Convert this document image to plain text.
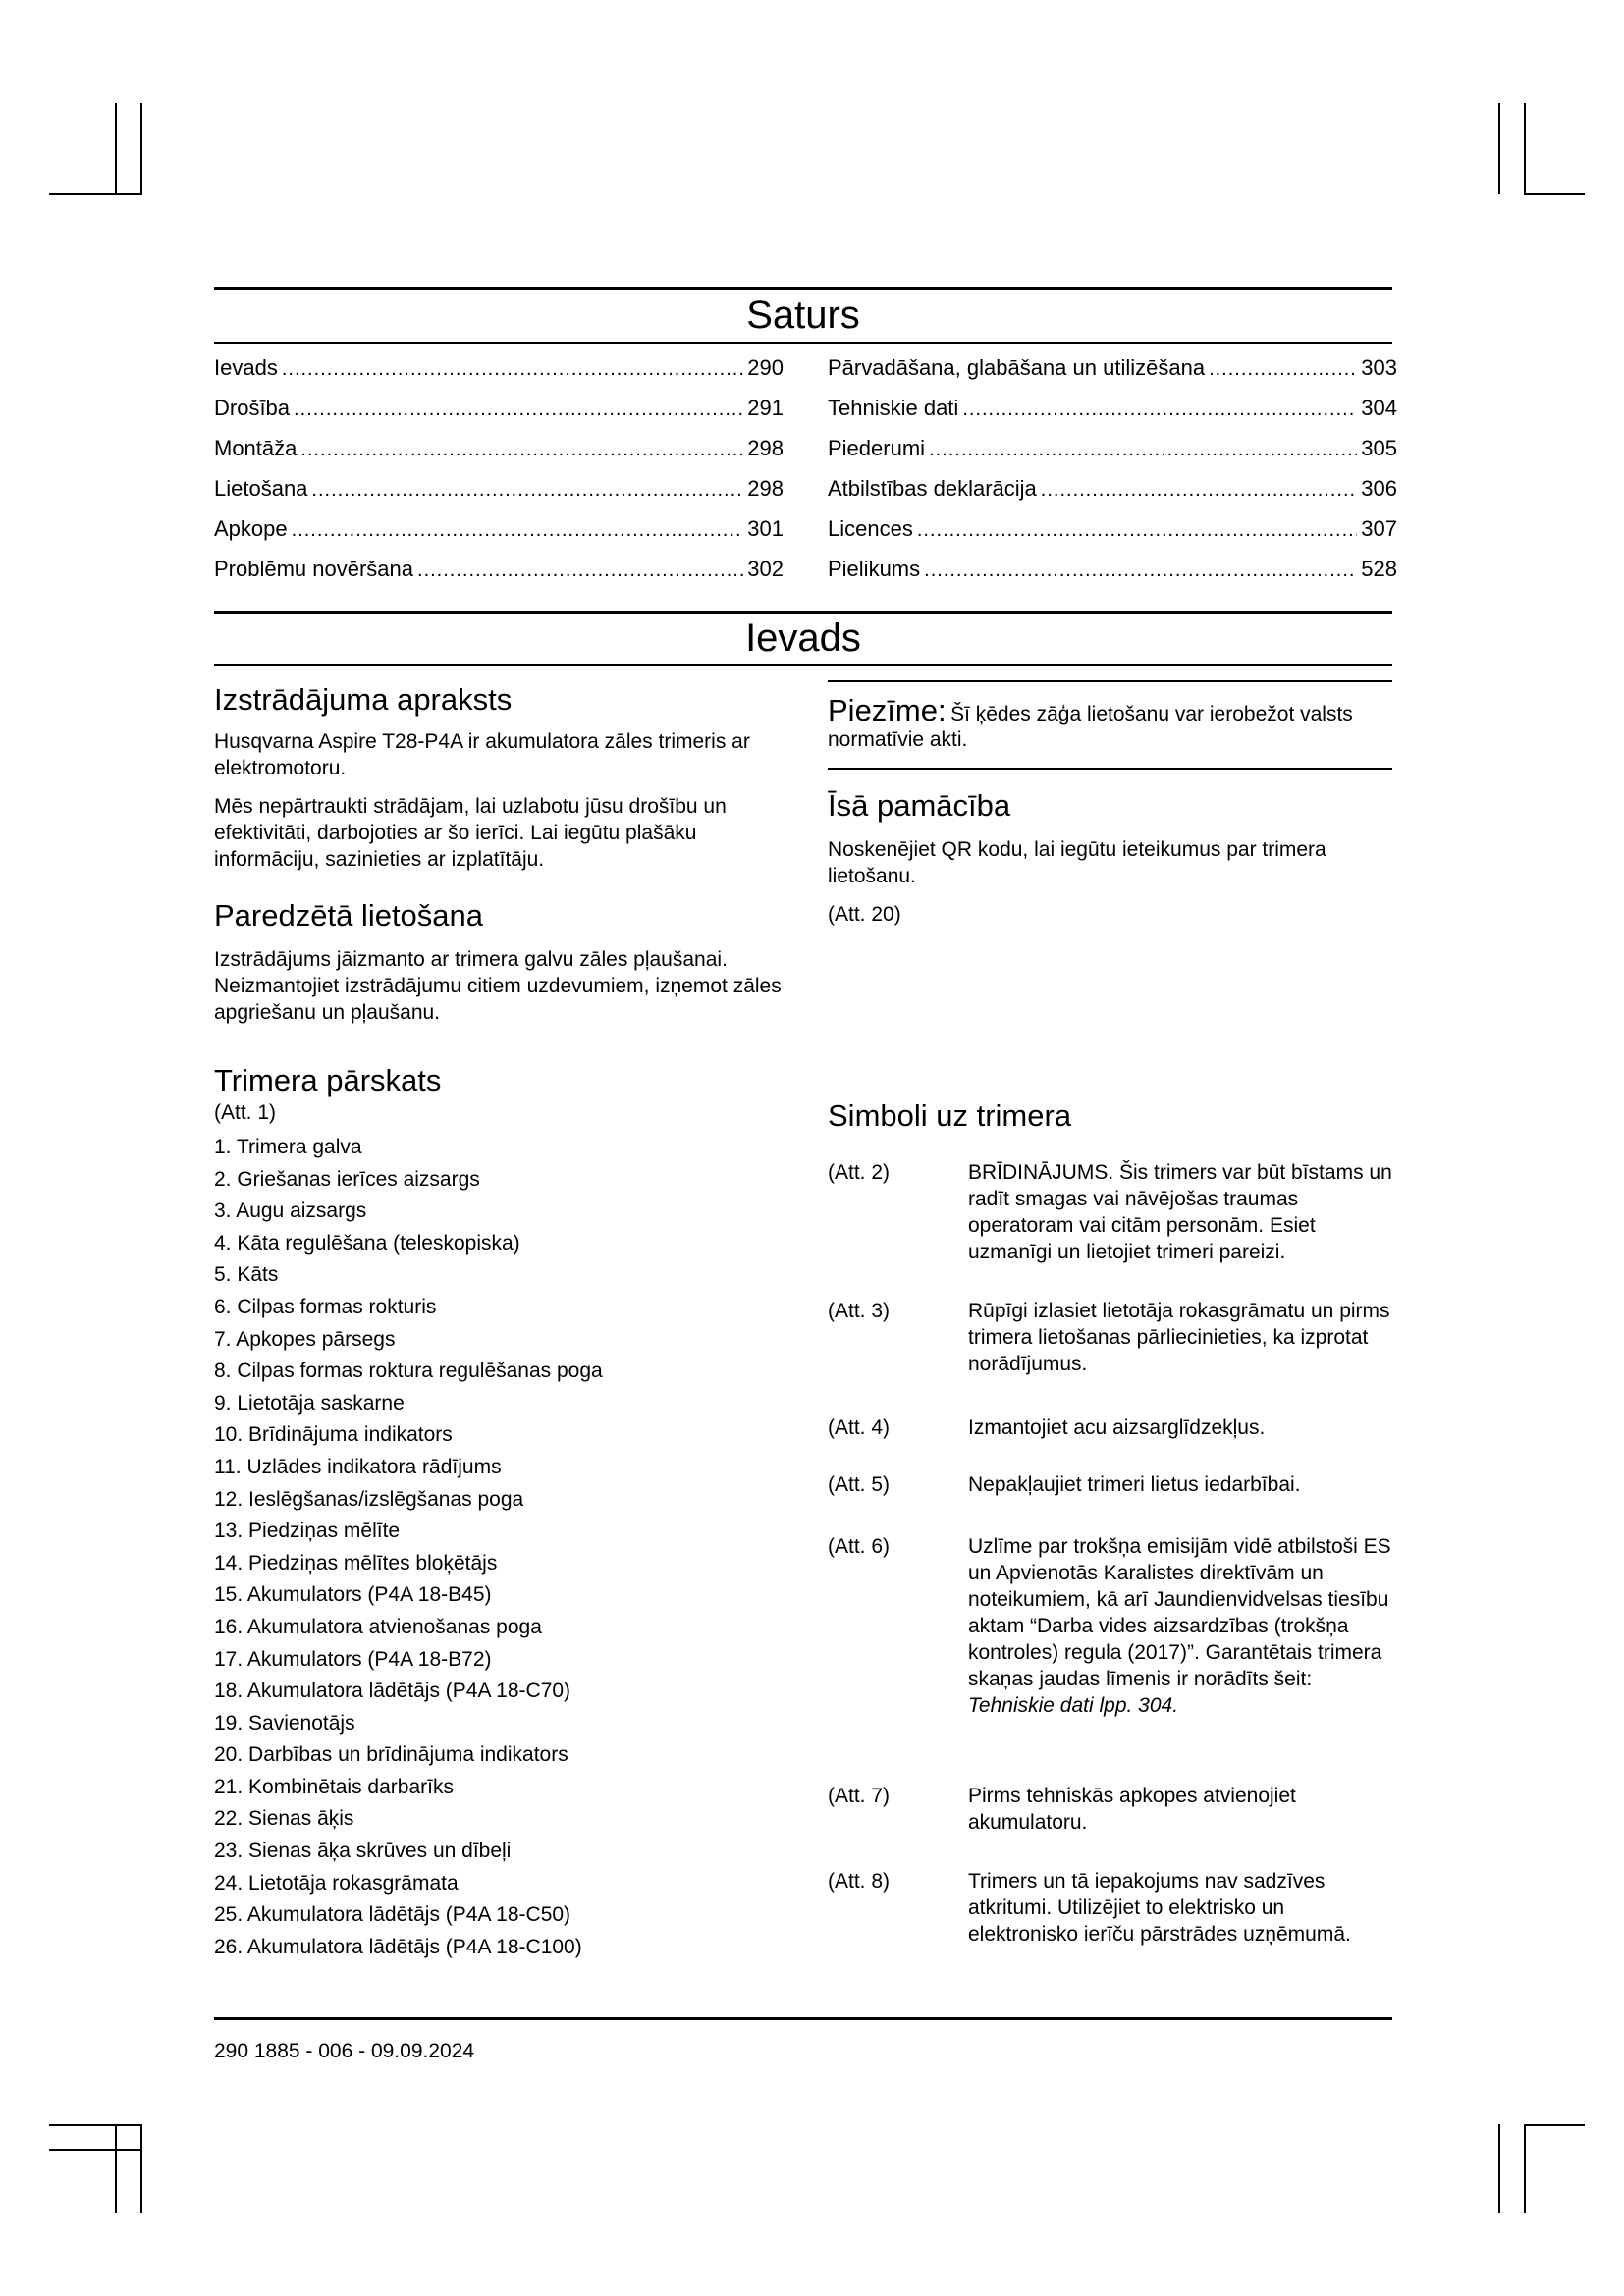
Saturs
Ievads .....	290
Drošība .....	291
Montāža .....	298
Lietošana .....	298
Apkope .....	301
Problēmu novēršana .....	302
Pārvadāšana, glabāšana un utilizēšana .....	303
Tehniskie dati .....	304
Piederumi .....	305
Atbilstības deklarācija .....	306
Licences .....	307
Pielikums .....	528
Ievads
Izstrādājuma apraksts

Husqvarna Aspire T28-P4A ir akumulatora zāles trimeris ar elektromotoru.

Mēs nepārtraukti strādājam, lai uzlabotu jūsu drošību un efektivitāti, darbojoties ar šo ierīci. Lai iegūtu plašāku informāciju, sazinieties ar izplatītāju.

Paredzētā lietošana

Izstrādājums jāizmanto ar trimera galvu zāles pļaušanai. Neizmantojiet izstrādājumu citiem uzdevumiem, izņemot zāles apgriešanu un pļaušanu.

Trimera pārskats

(Att. 1)

1. Trimera galva
2. Griešanas ierīces aizsargs
3. Augu aizsargs
4. Kāta regulēšana (teleskopiska)
5. Kāts
6. Cilpas formas rokturis
7. Apkopes pārsegs
8. Cilpas formas roktura regulēšanas poga
9. Lietotāja saskarne
10. Brīdinājuma indikators
11. Uzlādes indikatora rādījums
12. Ieslēgšanas/izslēgšanas poga
13. Piedziņas mēlīte
14. Piedziņas mēlītes bloķētājs
15. Akumulators (P4A 18-B45)
16. Akumulatora atvienošanas poga
17. Akumulators (P4A 18-B72)
18. Akumulatora lādētājs (P4A 18-C70)
19. Savienotājs
20. Darbības un brīdinājuma indikators
21. Kombinētais darbarīks
22. Sienas āķis
23. Sienas āķa skrūves un dībeļi
24. Lietotāja rokasgrāmata
25. Akumulatora lādētājs (P4A 18-C50)
26. Akumulatora lādētājs (P4A 18-C100)
Piezīme: Šī ķēdes zāģa lietošanu var ierobežot valsts normatīvie akti.
Īsā pamācība

Noskenējiet QR kodu, lai iegūtu ieteikumus par trimera lietošanu.

(Att. 20)

Simboli uz trimera
(Att. 2)	BRĪDINĀJUMS. Šis trimers var būt bīstams un radīt smagas vai nāvējošas traumas operatoram vai citām personām. Esiet uzmanīgi un lietojiet trimeri pareizi.
(Att. 3)	Rūpīgi izlasiet lietotāja rokasgrāmatu un pirms trimera lietošanas pārliecinieties, ka izprotat norādījumus.
(Att. 4)	Izmantojiet acu aizsarglīdzekļus.
(Att. 5)	Nepakļaujiet trimeri lietus iedarbībai.
(Att. 6)	Uzlīme par trokšņa emisijām vidē atbilstoši ES un Apvienotās Karalistes direktīvām un noteikumiem, kā arī Jaundienvidvelsas tiesību aktam “Darba vides aizsardzības (trokšņa kontroles) regula (2017)”. Garantētais trimera skaņas jaudas līmenis ir norādīts šeit:
Tehniskie dati lpp. 304.
(Att. 7)	Pirms tehniskās apkopes atvienojiet akumulatoru.
(Att. 8)	Trimers un tā iepakojums nav sadzīves atkritumi. Utilizējiet to elektrisko un elektronisko ierīču pārstrādes uzņēmumā.
290 1885 - 006 - 09.09.2024
